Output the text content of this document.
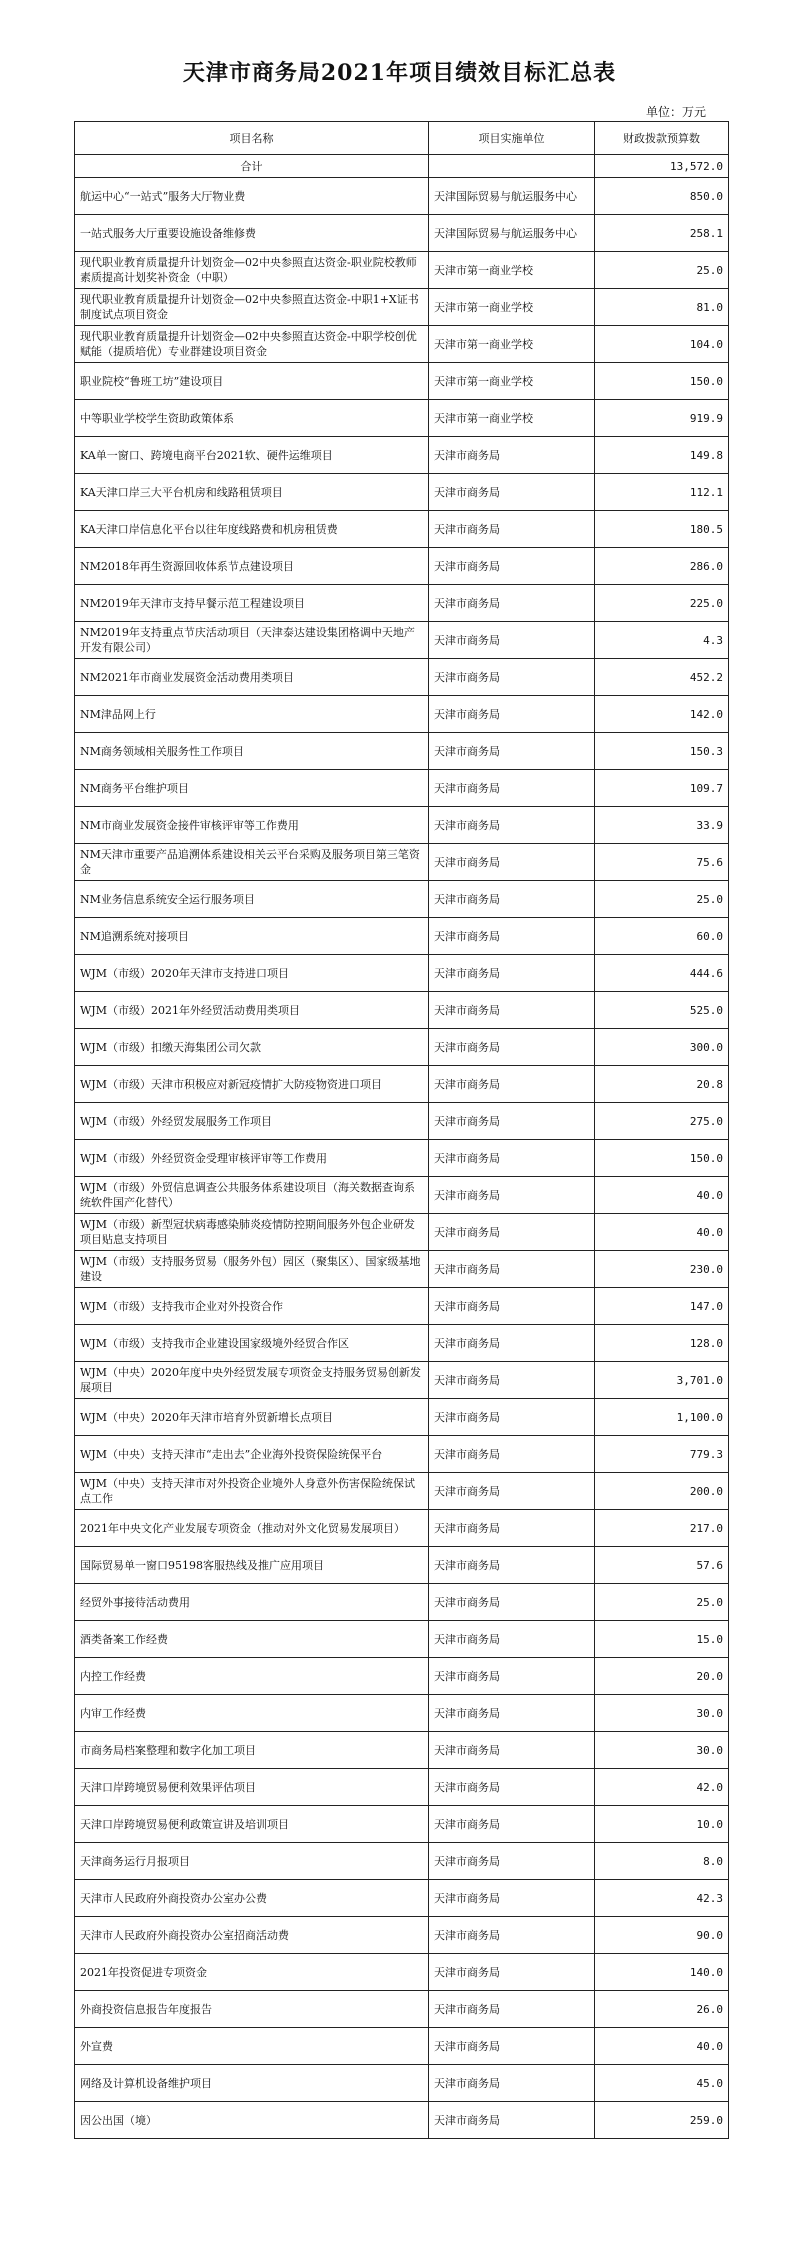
天津市商务局2021年项目绩效目标汇总表
单位：万元
项目名称	项目实施单位	财政拨款预算数
合计		13,572.0
航运中心“一站式”服务大厅物业费	天津国际贸易与航运服务中心	850.0
一站式服务大厅重要设施设备维修费	天津国际贸易与航运服务中心	258.1
现代职业教育质量提升计划资金—02中央参照直达资金-职业院校教师素质提高计划奖补资金（中职）	天津市第一商业学校	25.0
现代职业教育质量提升计划资金—02中央参照直达资金-中职1+X证书制度试点项目资金	天津市第一商业学校	81.0
现代职业教育质量提升计划资金—02中央参照直达资金-中职学校创优赋能（提质培优）专业群建设项目资金	天津市第一商业学校	104.0
职业院校“鲁班工坊”建设项目	天津市第一商业学校	150.0
中等职业学校学生资助政策体系	天津市第一商业学校	919.9
KA单一窗口、跨境电商平台2021软、硬件运维项目	天津市商务局	149.8
KA天津口岸三大平台机房和线路租赁项目	天津市商务局	112.1
KA天津口岸信息化平台以往年度线路费和机房租赁费	天津市商务局	180.5
NM2018年再生资源回收体系节点建设项目	天津市商务局	286.0
NM2019年天津市支持早餐示范工程建设项目	天津市商务局	225.0
NM2019年支持重点节庆活动项目（天津泰达建设集团格调中天地产开发有限公司）	天津市商务局	4.3
NM2021年市商业发展资金活动费用类项目	天津市商务局	452.2
NM津品网上行	天津市商务局	142.0
NM商务领域相关服务性工作项目	天津市商务局	150.3
NM商务平台维护项目	天津市商务局	109.7
NM市商业发展资金接件审核评审等工作费用	天津市商务局	33.9
NM天津市重要产品追溯体系建设相关云平台采购及服务项目第三笔资金	天津市商务局	75.6
NM业务信息系统安全运行服务项目	天津市商务局	25.0
NM追溯系统对接项目	天津市商务局	60.0
WJM（市级）2020年天津市支持进口项目	天津市商务局	444.6
WJM（市级）2021年外经贸活动费用类项目	天津市商务局	525.0
WJM（市级）扣缴天海集团公司欠款	天津市商务局	300.0
WJM（市级）天津市积极应对新冠疫情扩大防疫物资进口项目	天津市商务局	20.8
WJM（市级）外经贸发展服务工作项目	天津市商务局	275.0
WJM（市级）外经贸资金受理审核评审等工作费用	天津市商务局	150.0
WJM（市级）外贸信息调查公共服务体系建设项目（海关数据查询系统软件国产化替代）	天津市商务局	40.0
WJM（市级）新型冠状病毒感染肺炎疫情防控期间服务外包企业研发项目贴息支持项目	天津市商务局	40.0
WJM（市级）支持服务贸易（服务外包）园区（聚集区）、国家级基地建设	天津市商务局	230.0
WJM（市级）支持我市企业对外投资合作	天津市商务局	147.0
WJM（市级）支持我市企业建设国家级境外经贸合作区	天津市商务局	128.0
WJM（中央）2020年度中央外经贸发展专项资金支持服务贸易创新发展项目	天津市商务局	3,701.0
WJM（中央）2020年天津市培育外贸新增长点项目	天津市商务局	1,100.0
WJM（中央）支持天津市“走出去”企业海外投资保险统保平台	天津市商务局	779.3
WJM（中央）支持天津市对外投资企业境外人身意外伤害保险统保试点工作	天津市商务局	200.0
2021年中央文化产业发展专项资金（推动对外文化贸易发展项目）	天津市商务局	217.0
国际贸易单一窗口95198客服热线及推广应用项目	天津市商务局	57.6
经贸外事接待活动费用	天津市商务局	25.0
酒类备案工作经费	天津市商务局	15.0
内控工作经费	天津市商务局	20.0
内审工作经费	天津市商务局	30.0
市商务局档案整理和数字化加工项目	天津市商务局	30.0
天津口岸跨境贸易便利效果评估项目	天津市商务局	42.0
天津口岸跨境贸易便利政策宣讲及培训项目	天津市商务局	10.0
天津商务运行月报项目	天津市商务局	8.0
天津市人民政府外商投资办公室办公费	天津市商务局	42.3
天津市人民政府外商投资办公室招商活动费	天津市商务局	90.0
2021年投资促进专项资金	天津市商务局	140.0
外商投资信息报告年度报告	天津市商务局	26.0
外宣费	天津市商务局	40.0
网络及计算机设备维护项目	天津市商务局	45.0
因公出国（境）	天津市商务局	259.0
